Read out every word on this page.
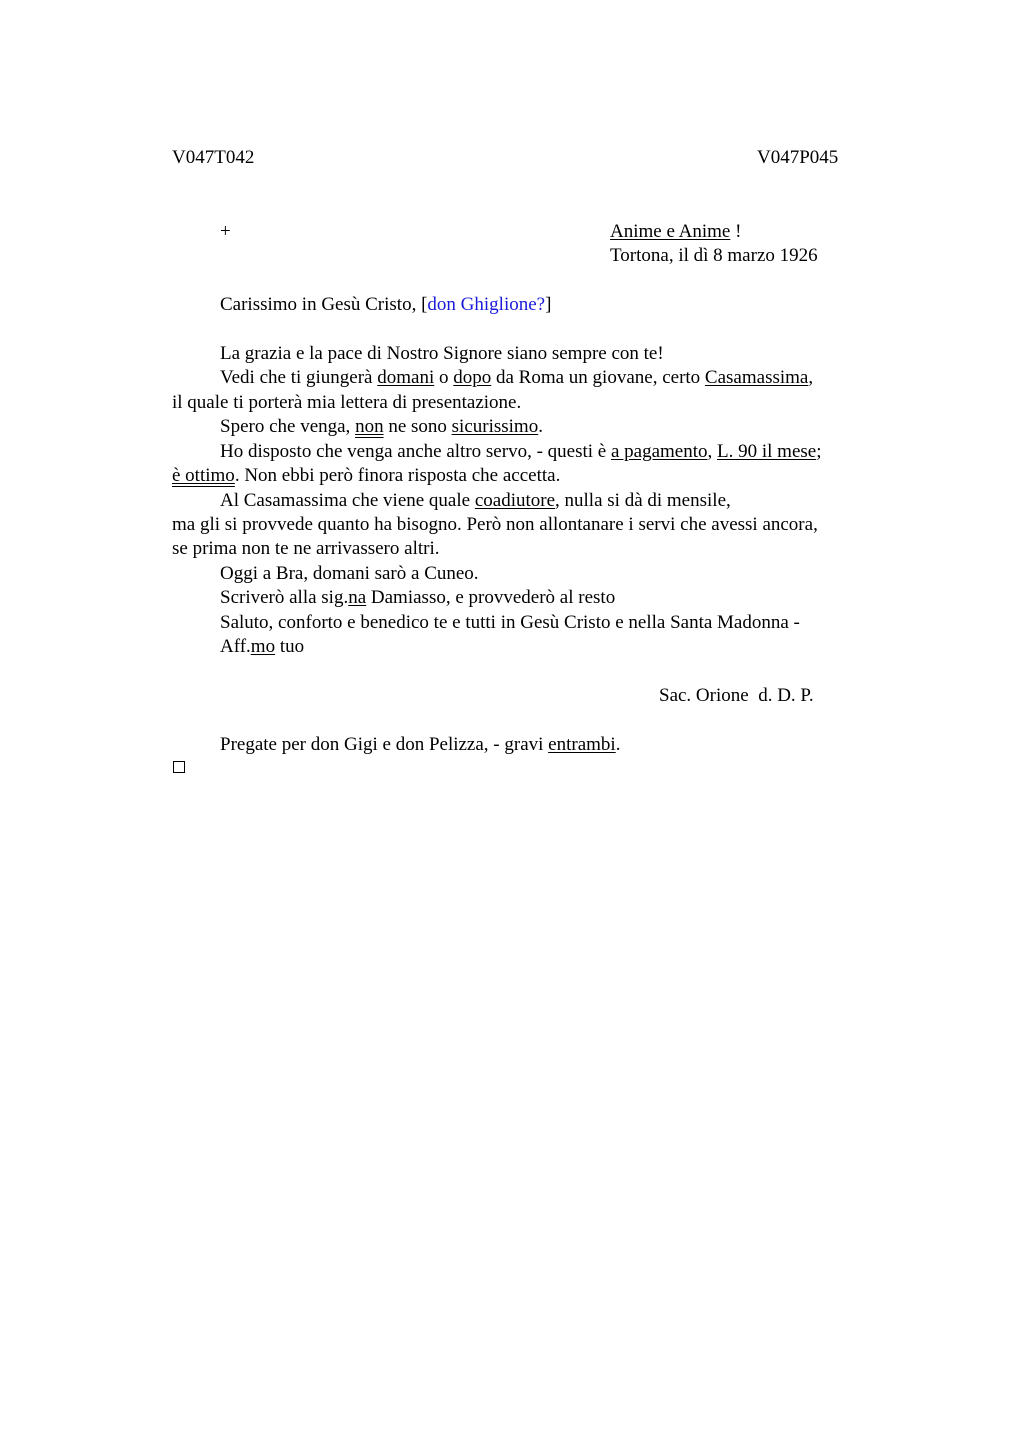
V047T042	V047P045
+	Anime e Anime !
Tortona, il dì 8 marzo 1926
Carissimo in Gesù Cristo, [don Ghiglione?]
La grazia e la pace di Nostro Signore siano sempre con te!
Vedi che ti giungerà domani o dopo da Roma un giovane, certo Casamassima,
il quale ti porterà mia lettera di presentazione.
Spero che venga, non ne sono sicurissimo.
Ho disposto che venga anche altro servo, - questi è a pagamento, L. 90 il mese;
è ottimo. Non ebbi però finora risposta che accetta.
Al Casamassima che viene quale coadiutore, nulla si dà di mensile,
ma gli si provvede quanto ha bisogno. Però non allontanare i servi che avessi ancora,
se prima non te ne arrivassero altri.
Oggi a Bra, domani sarò a Cuneo.
Scriverò alla sig.na Damiasso, e provvederò al resto
Saluto, conforto e benedico te e tutti in Gesù Cristo e nella Santa Madonna -
Aff.mo tuo
Sac. Orione  d. D. P.
Pregate per don Gigi e don Pelizza, - gravi entrambi.
